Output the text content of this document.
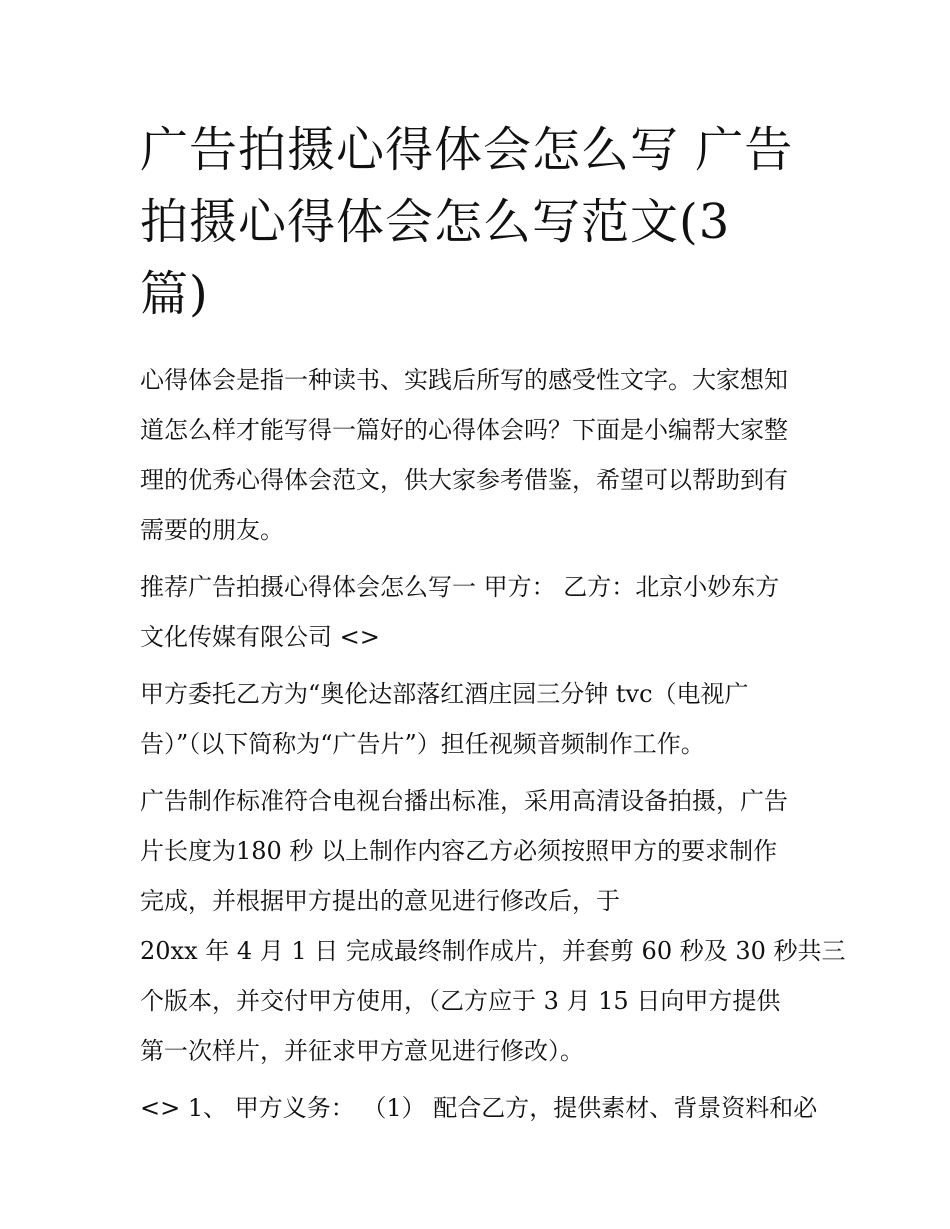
广告拍摄心得体会怎么写 广告
拍摄心得体会怎么写范文(3
篇)

心得体会是指一种读书、实践后所写的感受性文字。大家想知
道怎么样才能写得一篇好的心得体会吗？下面是小编帮大家整
理的优秀心得体会范文，供大家参考借鉴，希望可以帮助到有
需要的朋友。

推荐广告拍摄心得体会怎么写一 甲方： 乙方：北京小妙东方
文化传媒有限公司 <>

甲方委托乙方为“奥伦达部落红酒庄园三分钟 tvc（电视广
告）”（以下简称为“广告片”）担任视频音频制作工作。

广告制作标准符合电视台播出标准，采用高清设备拍摄，广告
片长度为180 秒 以上制作内容乙方必须按照甲方的要求制作
完成，并根据甲方提出的意见进行修改后，于
20xx 年 4 月 1 日 完成最终制作成片，并套剪 60 秒及 30 秒共三
个版本，并交付甲方使用，（乙方应于 3 月 15 日向甲方提供
第一次样片，并征求甲方意见进行修改）。

<> 1、 甲方义务： （1） 配合乙方，提供素材、背景资料和必
